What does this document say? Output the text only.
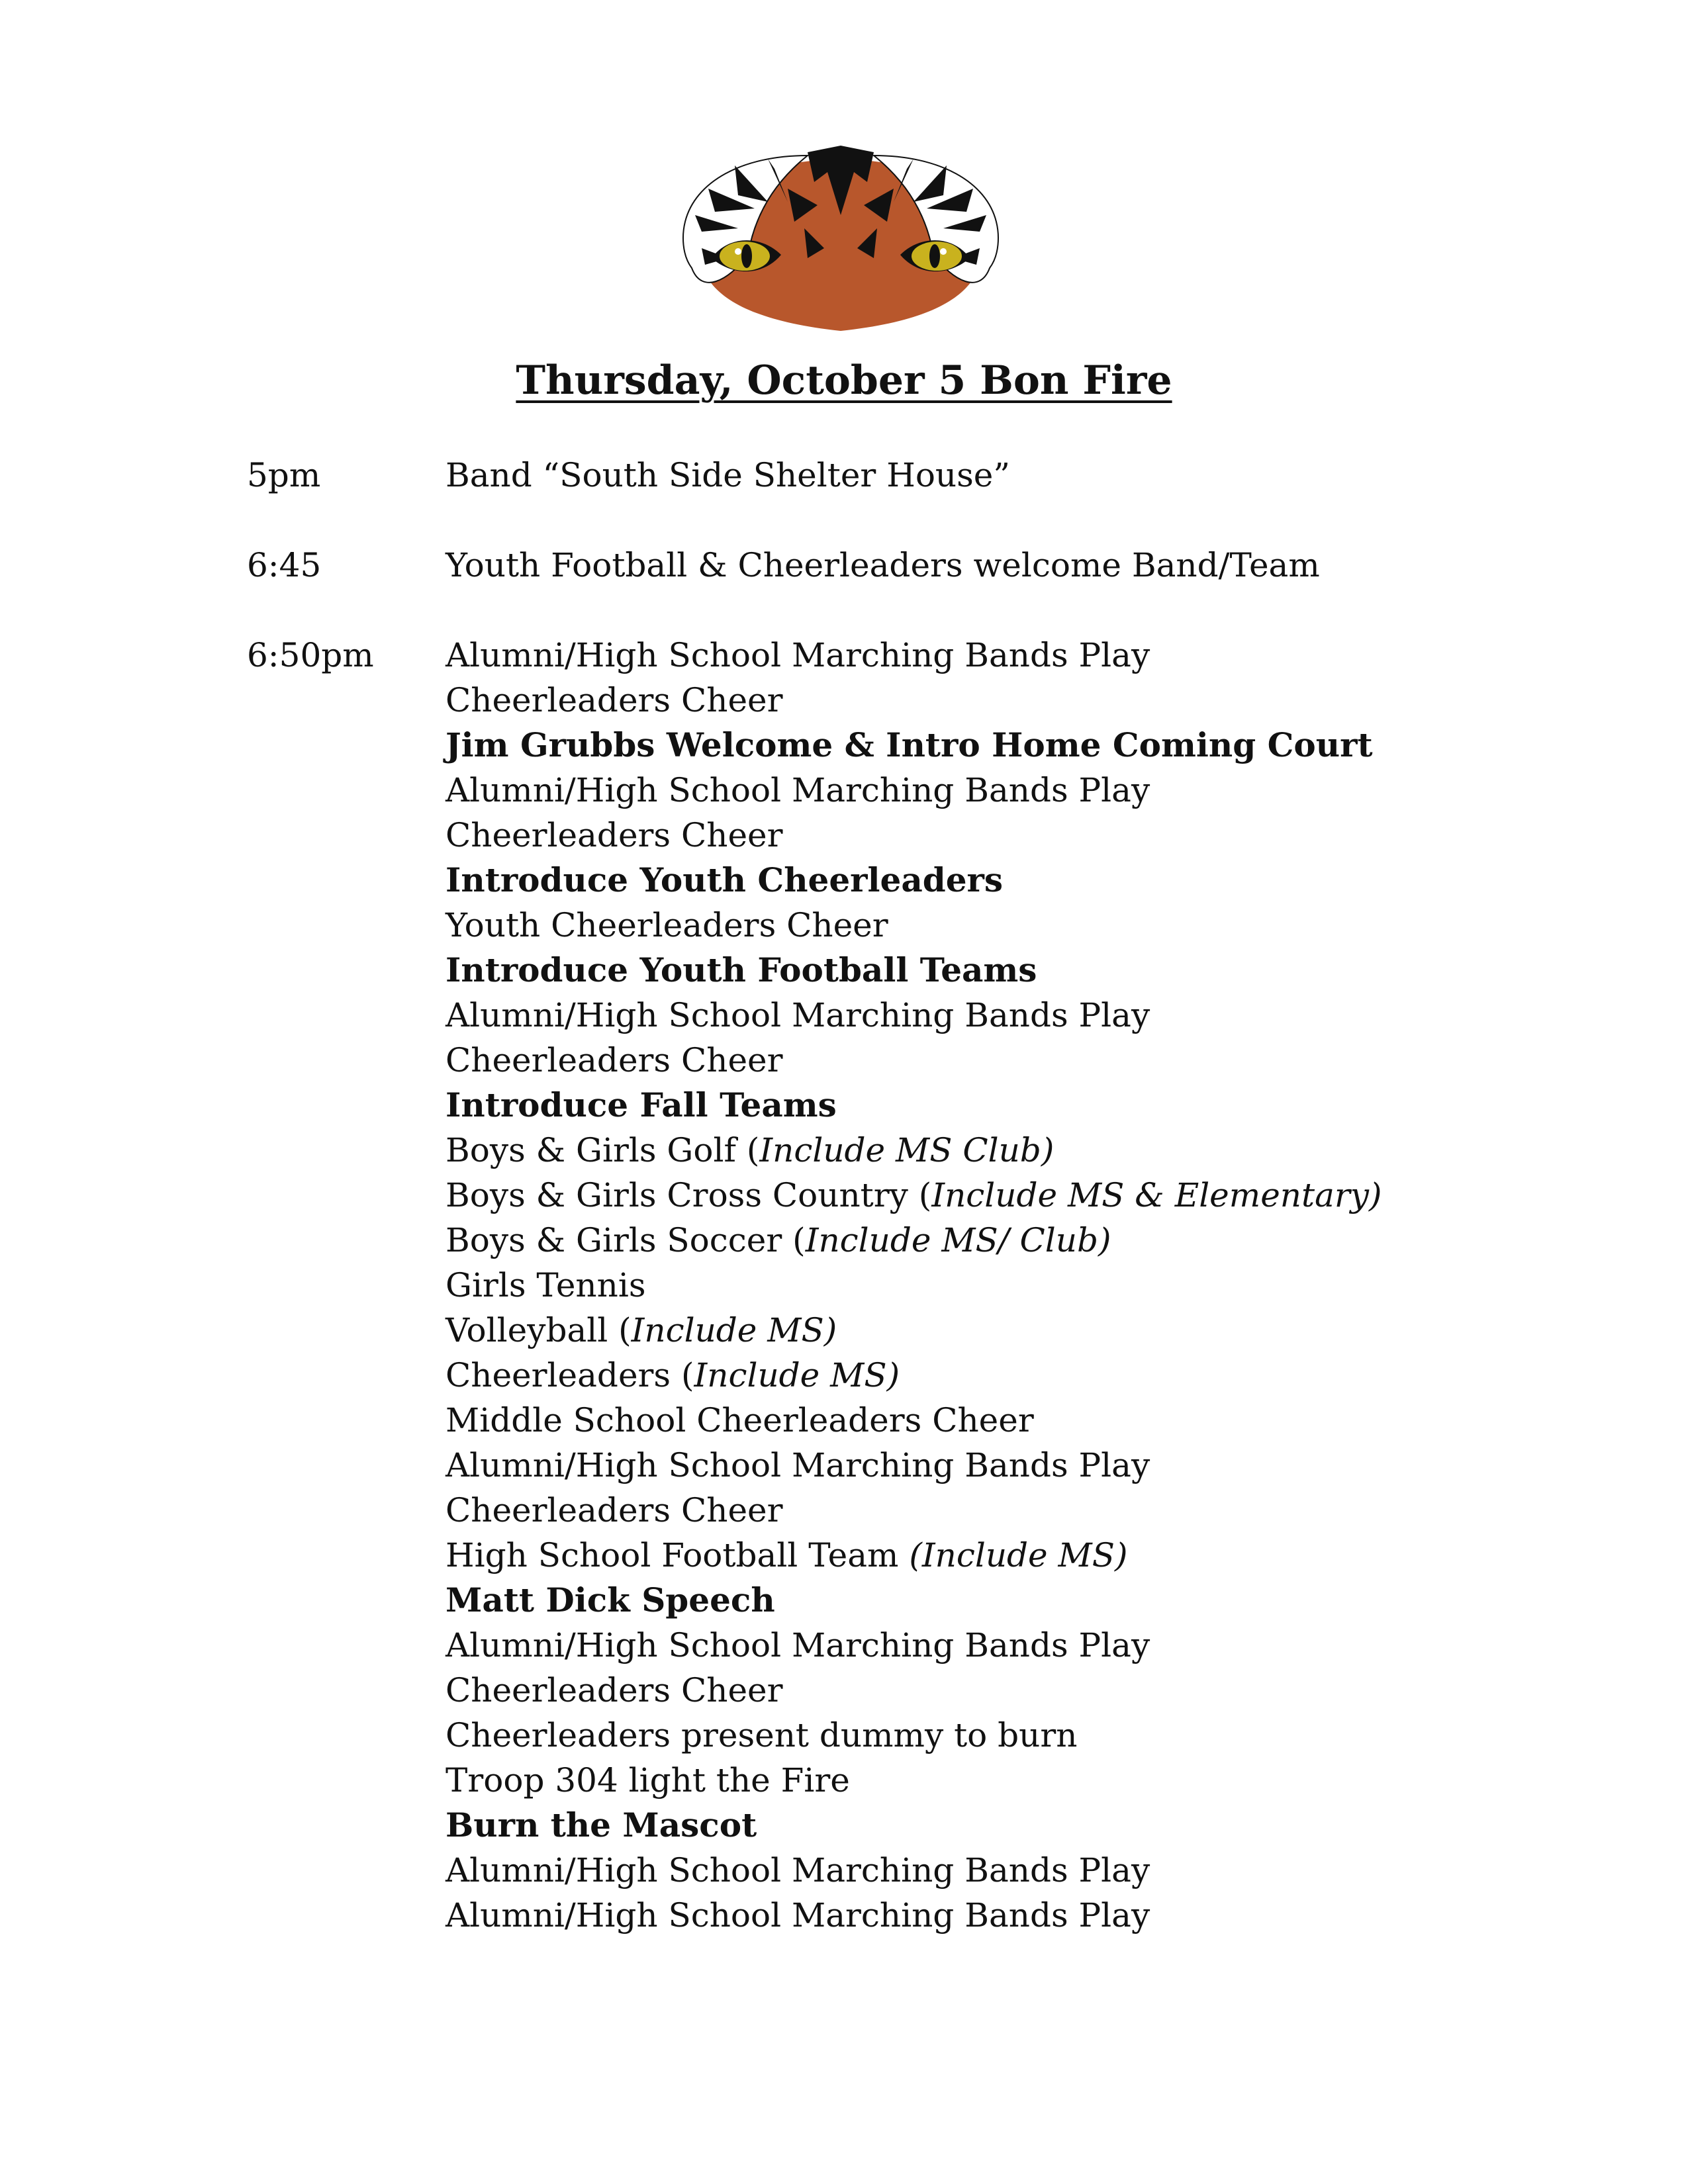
Thursday, October 5 Bon Fire
5pm	Band “South Side Shelter House”
6:45	Youth Football & Cheerleaders welcome Band/Team
6:50pm Alumni/High School Marching Bands Play
Cheerleaders Cheer
Jim Grubbs Welcome & Intro Home Coming Court
Alumni/High School Marching Bands Play
Cheerleaders Cheer
Introduce Youth Cheerleaders
Youth Cheerleaders Cheer
Introduce Youth Football Teams
Alumni/High School Marching Bands Play
Cheerleaders Cheer
Introduce Fall Teams
Boys & Girls Golf (Include MS Club)
Boys & Girls Cross Country (Include MS & Elementary)
Boys & Girls Soccer (Include MS/ Club)
Girls Tennis
Volleyball (Include MS)
Cheerleaders (Include MS)
Middle School Cheerleaders Cheer
Alumni/High School Marching Bands Play
Cheerleaders Cheer
High School Football Team (Include MS)
Matt Dick Speech
Alumni/High School Marching Bands Play
Cheerleaders Cheer
Cheerleaders present dummy to burn
Troop 304 light the Fire
Burn the Mascot
Alumni/High School Marching Bands Play
Alumni/High School Marching Bands Play
